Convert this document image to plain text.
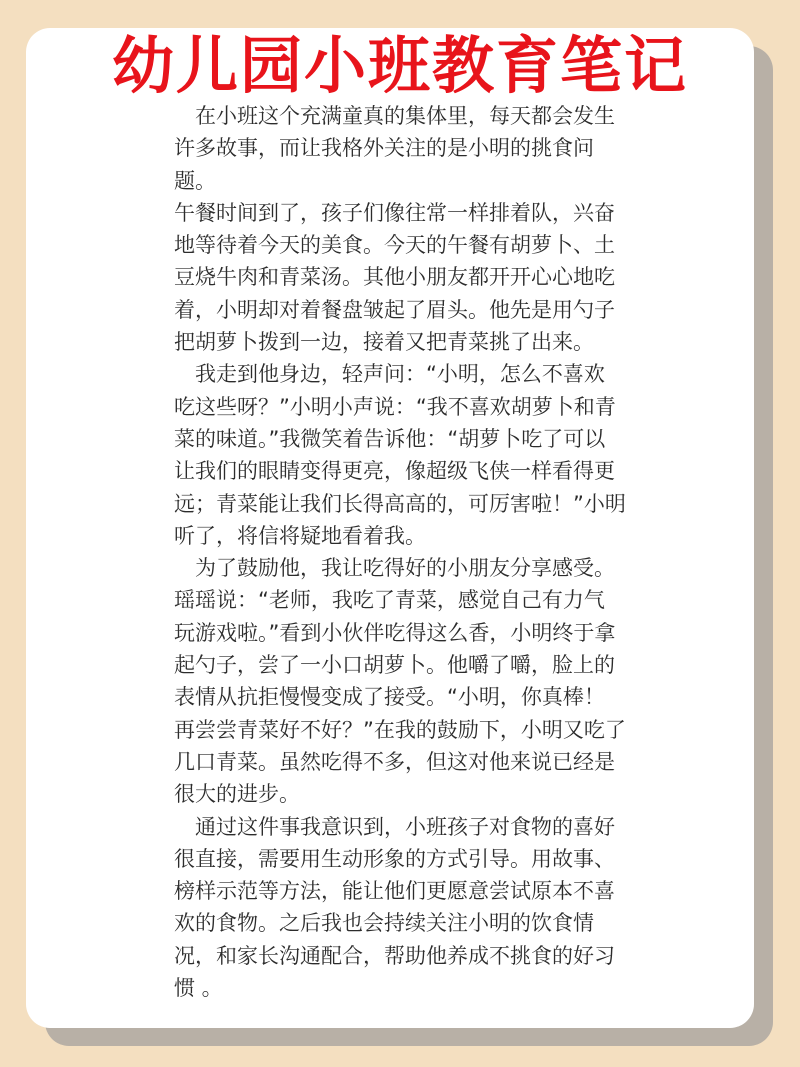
幼儿园小班教育笔记

　在小班这个充满童真的集体里，每天都会发生
许多故事，而让我格外关注的是小明的挑食问
题。

午餐时间到了，孩子们像往常一样排着队，兴奋
地等待着今天的美食。今天的午餐有胡萝卜、土
豆烧牛肉和青菜汤。其他小朋友都开开心心地吃
着，小明却对着餐盘皱起了眉头。他先是用勺子
把胡萝卜拨到一边，接着又把青菜挑了出来。

　我走到他身边，轻声问：“小明，怎么不喜欢
吃这些呀？”小明小声说：“我不喜欢胡萝卜和青
菜的味道。”我微笑着告诉他：“胡萝卜吃了可以
让我们的眼睛变得更亮，像超级飞侠一样看得更
远；青菜能让我们长得高高的，可厉害啦！”小明
听了，将信将疑地看着我。

　为了鼓励他，我让吃得好的小朋友分享感受。
瑶瑶说：“老师，我吃了青菜，感觉自己有力气
玩游戏啦。”看到小伙伴吃得这么香，小明终于拿
起勺子，尝了一小口胡萝卜。他嚼了嚼，脸上的
表情从抗拒慢慢变成了接受。“小明，你真棒！
再尝尝青菜好不好？”在我的鼓励下，小明又吃了
几口青菜。虽然吃得不多，但这对他来说已经是
很大的进步。

　通过这件事我意识到，小班孩子对食物的喜好
很直接，需要用生动形象的方式引导。用故事、
榜样示范等方法，能让他们更愿意尝试原本不喜
欢的食物。之后我也会持续关注小明的饮食情
况，和家长沟通配合，帮助他养成不挑食的好习
惯 。
